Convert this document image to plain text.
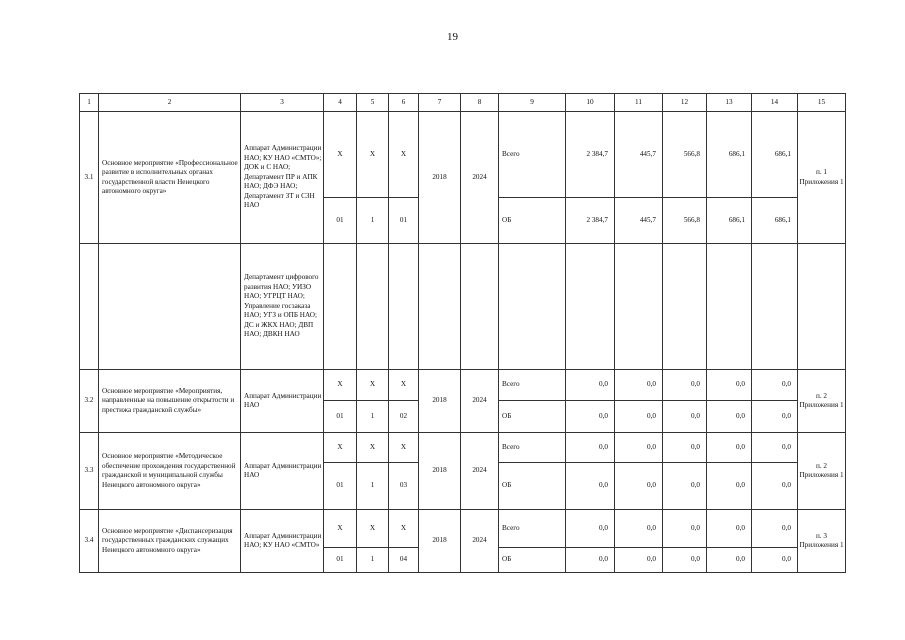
19
1	2	3	4	5	6	7	8	9	10	11	12	13	14	15
3.1	Основное мероприятие «Профессиональное развитие в исполнительных органах государственной власти Ненецкого автономного округа»	Аппарат Администрации НАО; КУ НАО «СМТО»; ДОК и С НАО; Департамент ПР и АПК НАО; ДФЭ НАО; Департамент ЗТ и СЗН НАО	Х	Х	Х	2018	2024	Всего	2 384,7	445,7	566,8	686,1	686,1	п. 1 Приложения 1
			01	1	01			ОБ	2 384,7	445,7	566,8	686,1	686,1	
		Департамент цифрового развития НАО; УИЗО НАО; УГРЦТ НАО; Управление госзаказа НАО; УГЗ и ОПБ НАО; ДС и ЖКХ НАО; ДВП НАО; ДВКН НАО												
3.2	Основное мероприятие «Мероприятия, направленные на повышение открытости и престижа гражданской службы»	Аппарат Администрации НАО	Х	Х	Х	2018	2024	Всего	0,0	0,0	0,0	0,0	0,0	п. 2 Приложения 1
			01	1	02			ОБ	0,0	0,0	0,0	0,0	0,0	
3.3	Основное мероприятие «Методическое обеспечение прохождения государственной гражданской и муниципальной службы Ненецкого автономного округа»	Аппарат Администрации НАО	Х	Х	Х	2018	2024	Всего	0,0	0,0	0,0	0,0	0,0	п. 2 Приложения 1
			01	1	03			ОБ	0,0	0,0	0,0	0,0	0,0	
3.4	Основное мероприятие «Диспансеризация государственных гражданских служащих Ненецкого автономного округа»	Аппарат Администрации НАО; КУ НАО «СМТО»	Х	Х	Х	2018	2024	Всего	0,0	0,0	0,0	0,0	0,0	п. 3 Приложения 1
			01	1	04			ОБ	0,0	0,0	0,0	0,0	0,0	
